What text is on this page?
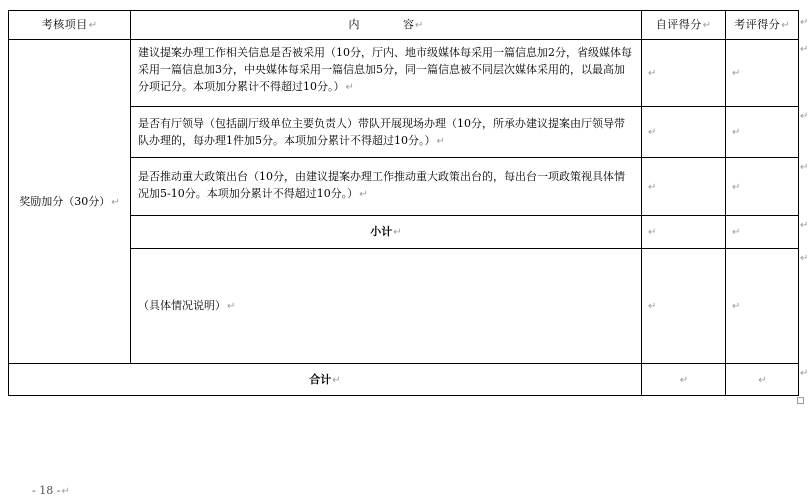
考核项目↵	内 容↵	自评得分↵	考评得分↵
奖励加分（30分）↵	建议提案办理工作相关信息是否被采用（10分，厅内、地市级媒体每采用一篇信息加2分，省级媒体每采用一篇信息加3分，中央媒体每采用一篇信息加5分，同一篇信息被不同层次媒体采用的，以最高加分项记分。本项加分累计不得超过10分。）↵	↵	↵
	是否有厅领导（包括副厅级单位主要负责人）带队开展现场办理（10分，所承办建议提案由厅领导带队办理的，每办理1件加5分。本项加分累计不得超过10分。）↵	↵	↵
	是否推动重大政策出台（10分，由建议提案办理工作推动重大政策出台的，每出台一项政策视具体情况加5-10分。本项加分累计不得超过10分。）↵	↵	↵
	小计↵	↵	↵
	（具体情况说明）↵	↵	↵
合计↵		↵	↵
↵
↵
↵
↵
↵
↵
↵
- 18 -↵
